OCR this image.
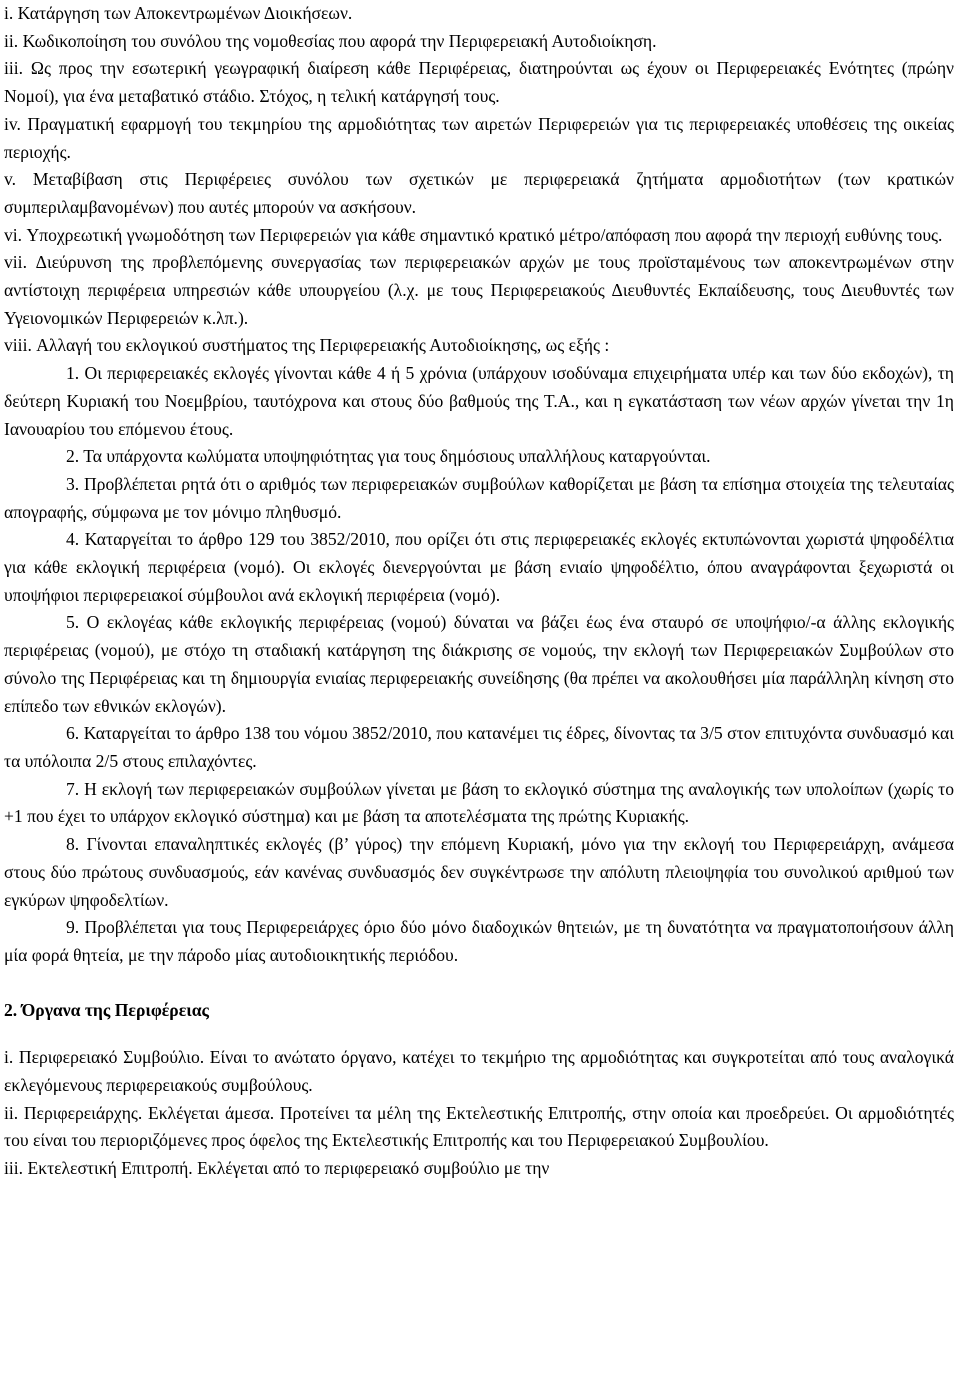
i. Κατάργηση των Αποκεντρωμένων Διοικήσεων.

ii. Κωδικοποίηση του συνόλου της νομοθεσίας που αφορά την Περιφερειακή Αυτοδιοίκηση.

iii. Ως προς την εσωτερική γεωγραφική διαίρεση κάθε Περιφέρειας, διατηρούνται ως έχουν οι Περιφερειακές Ενότητες (πρώην Νομοί), για ένα μεταβατικό στάδιο. Στόχος, η τελική κατάργησή τους.

iv. Πραγματική εφαρμογή του τεκμηρίου της αρμοδιότητας των αιρετών Περιφερειών για τις περιφερειακές υποθέσεις της οικείας περιοχής.

v. Μεταβίβαση στις Περιφέρειες συνόλου των σχετικών με περιφερειακά ζητήματα αρμοδιοτήτων (των κρατικών συμπεριλαμβανομένων) που αυτές μπορούν να ασκήσουν.

vi. Υποχρεωτική γνωμοδότηση των Περιφερειών για κάθε σημαντικό κρατικό μέτρο/απόφαση που αφορά την περιοχή ευθύνης τους.

vii. Διεύρυνση της προβλεπόμενης συνεργασίας των περιφερειακών αρχών με τους προϊσταμένους των αποκεντρωμένων στην αντίστοιχη περιφέρεια υπηρεσιών κάθε υπουργείου (λ.χ. με τους Περιφερειακούς Διευθυντές Εκπαίδευσης, τους Διευθυντές των Υγειονομικών Περιφερειών κ.λπ.).

viii. Αλλαγή του εκλογικού συστήματος της Περιφερειακής Αυτοδιοίκησης, ως εξής :

1. Οι περιφερειακές εκλογές γίνονται κάθε 4 ή 5 χρόνια (υπάρχουν ισοδύναμα επιχειρήματα υπέρ και των δύο εκδοχών), τη δεύτερη Κυριακή του Νοεμβρίου, ταυτόχρονα και στους δύο βαθμούς της Τ.Α., και η εγκατάσταση των νέων αρχών γίνεται την 1η Ιανουαρίου του επόμενου έτους.

2. Τα υπάρχοντα κωλύματα υποψηφιότητας για τους δημόσιους υπαλλήλους καταργούνται.

3. Προβλέπεται ρητά ότι ο αριθμός των περιφερειακών συμβούλων καθορίζεται με βάση τα επίσημα στοιχεία της τελευταίας απογραφής, σύμφωνα με τον μόνιμο πληθυσμό.

4. Καταργείται το άρθρο 129 του 3852/2010, που ορίζει ότι στις περιφερειακές εκλογές εκτυπώνονται χωριστά ψηφοδέλτια για κάθε εκλογική περιφέρεια (νομό). Οι εκλογές διενεργούνται με βάση ενιαίο ψηφοδέλτιο, όπου αναγράφονται ξεχωριστά οι υποψήφιοι περιφερειακοί σύμβουλοι ανά εκλογική περιφέρεια (νομό).

5. Ο εκλογέας κάθε εκλογικής περιφέρειας (νομού) δύναται να βάζει έως ένα σταυρό σε υποψήφιο/-α άλλης εκλογικής περιφέρειας (νομού), με στόχο τη σταδιακή κατάργηση της διάκρισης σε νομούς, την εκλογή των Περιφερειακών Συμβούλων στο σύνολο της Περιφέρειας και τη δημιουργία ενιαίας περιφερειακής συνείδησης (θα πρέπει να ακολουθήσει μία παράλληλη κίνηση στο επίπεδο των εθνικών εκλογών).

6. Καταργείται το άρθρο 138 του νόμου 3852/2010, που κατανέμει τις έδρες, δίνοντας τα 3/5 στον επιτυχόντα συνδυασμό και τα υπόλοιπα 2/5 στους επιλαχόντες.

7. Η εκλογή των περιφερειακών συμβούλων γίνεται με βάση το εκλογικό σύστημα της αναλογικής των υπολοίπων (χωρίς το +1 που έχει το υπάρχον εκλογικό σύστημα) και με βάση τα αποτελέσματα της πρώτης Κυριακής.

8. Γίνονται επαναληπτικές εκλογές (β’ γύρος) την επόμενη Κυριακή, μόνο για την εκλογή του Περιφερειάρχη, ανάμεσα στους δύο πρώτους συνδυασμούς, εάν κανένας συνδυασμός δεν συγκέντρωσε την απόλυτη πλειοψηφία του συνολικού αριθμού των εγκύρων ψηφοδελτίων.

9. Προβλέπεται για τους Περιφερειάρχες όριο δύο μόνο διαδοχικών θητειών, με τη δυνατότητα να πραγματοποιήσουν άλλη μία φορά θητεία, με την πάροδο μίας αυτοδιοικητικής περιόδου.

2. Όργανα της Περιφέρειας

i. Περιφερειακό Συμβούλιο. Είναι το ανώτατο όργανο, κατέχει το τεκμήριο της αρμοδιότητας και συγκροτείται από τους αναλογικά εκλεγόμενους περιφερειακούς συμβούλους.

ii. Περιφερειάρχης. Εκλέγεται άμεσα. Προτείνει τα μέλη της Εκτελεστικής Επιτροπής, στην οποία και προεδρεύει. Οι αρμοδιότητές του είναι του περιοριζόμενες προς όφελος της Εκτελεστικής Επιτροπής και του Περιφερειακού Συμβουλίου.

iii. Εκτελεστική Επιτροπή. Εκλέγεται από το περιφερειακό συμβούλιο με την
